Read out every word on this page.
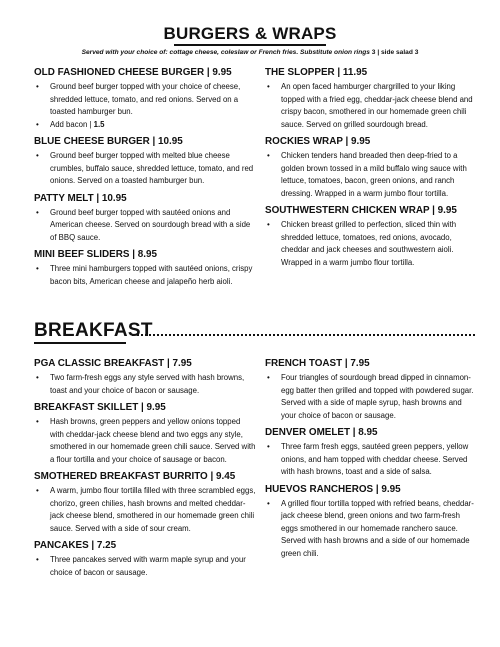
BURGERS & WRAPS
Served with your choice of: cottage cheese, coleslaw or French fries. Substitute onion rings 3 | side salad 3
OLD FASHIONED CHEESE BURGER | 9.95
• Ground beef burger topped with your choice of cheese, shredded lettuce, tomato, and red onions. Served on a toasted hamburger bun.
• Add bacon | 1.5
BLUE CHEESE BURGER | 10.95
• Ground beef burger topped with melted blue cheese crumbles, buffalo sauce, shredded lettuce, tomato, and red onions. Served on a toasted hamburger bun.
PATTY MELT | 10.95
• Ground beef burger topped with sautéed onions and American cheese. Served on sourdough bread with a side of BBQ sauce.
MINI BEEF SLIDERS | 8.95
• Three mini hamburgers topped with sautéed onions, crispy bacon bits, American cheese and jalapeño herb aioli.
THE SLOPPER | 11.95
• An open faced hamburger chargrilled to your liking topped with a fried egg, cheddar-jack cheese blend and crispy bacon, smothered in our homemade green chili sauce. Served on grilled sourdough bread.
ROCKIES WRAP | 9.95
• Chicken tenders hand breaded then deep-fried to a golden brown tossed in a mild buffalo wing sauce with lettuce, tomatoes, bacon, green onions, and ranch dressing. Wrapped in a warm jumbo flour tortilla.
SOUTHWESTERN CHICKEN WRAP | 9.95
• Chicken breast grilled to perfection, sliced thin with shredded lettuce, tomatoes, red onions, avocado, cheddar and jack cheeses and southwestern aioli. Wrapped in a warm jumbo flour tortilla.
BREAKFAST
PGA CLASSIC BREAKFAST | 7.95
• Two farm-fresh eggs any style served with hash browns, toast and your choice of bacon or sausage.
BREAKFAST SKILLET | 9.95
• Hash browns, green peppers and yellow onions topped with cheddar-jack cheese blend and two eggs any style, smothered in our homemade green chili sauce. Served with a flour tortilla and your choice of sausage or bacon.
SMOTHERED BREAKFAST BURRITO | 9.45
• A warm, jumbo flour tortilla filled with three scrambled eggs, chorizo, green chilies, hash browns and melted cheddar-jack cheese blend, smothered in our homemade green chili sauce. Served with a side of sour cream.
PANCAKES | 7.25
• Three pancakes served with warm maple syrup and your choice of bacon or sausage.
FRENCH TOAST | 7.95
• Four triangles of sourdough bread dipped in cinnamon-egg batter then grilled and topped with powdered sugar. Served with a side of maple syrup, hash browns and your choice of bacon or sausage.
DENVER OMELET | 8.95
• Three farm fresh eggs, sautéed green peppers, yellow onions, and ham topped with cheddar cheese. Served with hash browns, toast and a side of salsa.
HUEVOS RANCHEROS | 9.95
• A grilled flour tortilla topped with refried beans, cheddar-jack cheese blend, green onions and two farm-fresh eggs smothered in our homemade ranchero sauce. Served with hash browns and a side of our homemade green chili.
